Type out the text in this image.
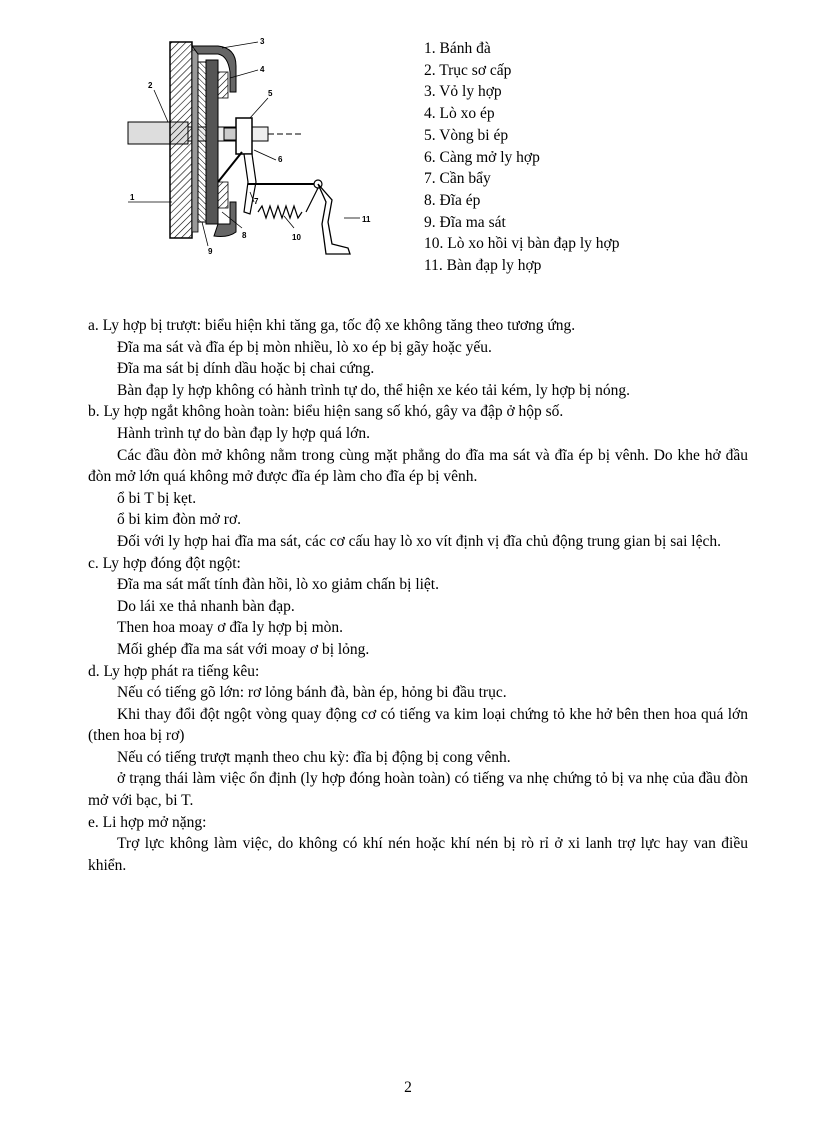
1
2
3
4
5
6
7
8
9
10
11
1. Bánh đà
2. Trục sơ cấp
3. Vỏ ly hợp
4. Lò xo ép
5. Vòng bi ép
6. Càng mở ly hợp
7. Cần bẩy
8. Đĩa ép
9. Đĩa ma sát
10. Lò xo hồi vị bàn đạp ly hợp
11. Bàn đạp ly hợp

a. Ly hợp bị trượt: biểu hiện khi tăng ga, tốc độ xe không tăng theo tương ứng.

Đĩa ma sát và đĩa ép bị mòn nhiều, lò xo ép bị gãy hoặc yếu.

Đĩa ma sát bị dính dầu hoặc bị chai cứng.

Bàn đạp ly hợp không có hành trình tự do, thể hiện xe kéo tải kém, ly hợp bị nóng.

b. Ly hợp ngắt không hoàn toàn: biểu hiện sang số khó, gây va đập ở hộp số.

Hành trình tự do bàn đạp ly hợp quá lớn.

Các đầu đòn mở không nằm trong cùng mặt phẳng do đĩa ma sát và đĩa ép bị vênh. Do khe hở đầu đòn mở lớn quá không mở được đĩa ép làm cho đĩa ép bị vênh.

ổ bi T bị kẹt.

ổ bi kim đòn mở rơ.

Đối với ly hợp hai đĩa ma sát, các cơ cấu hay lò xo vít định vị đĩa chủ động trung gian bị sai lệch.

c. Ly hợp đóng đột ngột:

Đĩa ma sát mất tính đàn hồi, lò xo giảm chấn bị liệt.

Do lái xe thả nhanh bàn đạp.

Then hoa moay ơ đĩa ly hợp bị mòn.

Mối ghép đĩa ma sát với moay ơ bị lỏng.

d. Ly hợp phát ra tiếng kêu:

Nếu có tiếng gõ lớn: rơ lỏng bánh đà, bàn ép, hỏng bi đầu trục.

Khi thay đổi đột ngột vòng quay động cơ có tiếng va kim loại chứng tỏ khe hở bên then hoa quá lớn (then hoa bị rơ)

Nếu có tiếng trượt mạnh theo chu kỳ: đĩa bị động bị cong vênh.

ở trạng thái làm việc ổn định (ly hợp đóng hoàn toàn) có tiếng va nhẹ chứng tỏ bị va nhẹ của đầu đòn mở với bạc, bi T.

e. Li hợp mở nặng:

Trợ lực không làm việc, do không có khí nén hoặc khí nén bị rò rỉ ở xi lanh trợ lực hay van điều khiển.

2
